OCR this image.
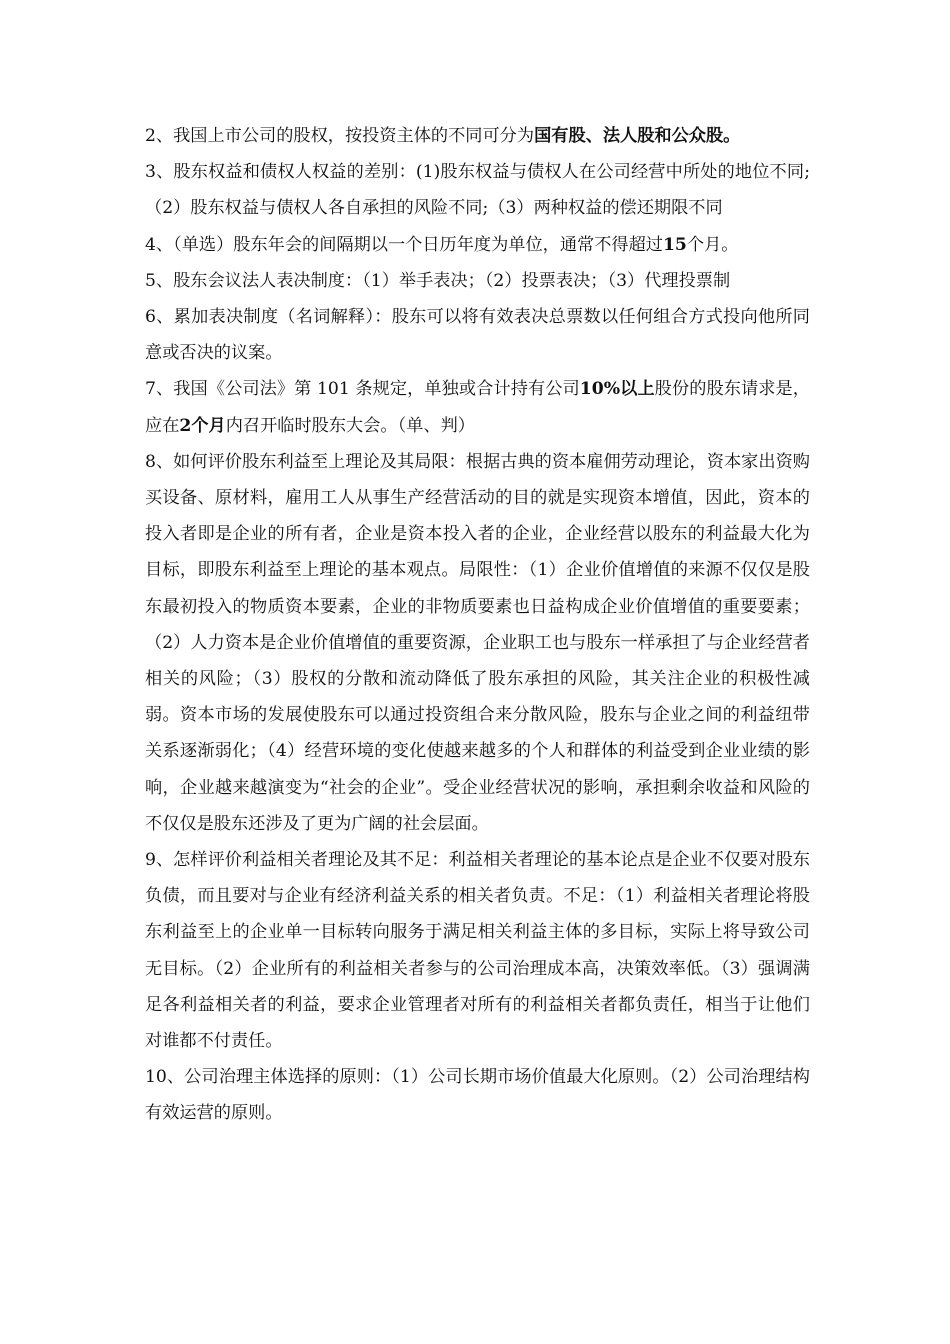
2、我国上市公司的股权，按投资主体的不同可分为国有股、法人股和公众股。

3、股东权益和债权人权益的差别：(1)股东权益与债权人在公司经营中所处的地位不同;（2）股东权益与债权人各自承担的风险不同;（3）两种权益的偿还期限不同

4、（单选）股东年会的间隔期以一个日历年度为单位，通常不得超过15个月。

5、股东会议法人表决制度：（1）举手表决；（2）投票表决；（3）代理投票制

6、累加表决制度（名词解释）：股东可以将有效表决总票数以任何组合方式投向他所同意或否决的议案。

7、我国《公司法》第 101 条规定，单独或合计持有公司10%以上股份的股东请求是，应在2个月内召开临时股东大会。（单、判）

8、如何评价股东利益至上理论及其局限：根据古典的资本雇佣劳动理论，资本家出资购买设备、原材料，雇用工人从事生产经营活动的目的就是实现资本增值，因此，资本的投入者即是企业的所有者，企业是资本投入者的企业，企业经营以股东的利益最大化为目标，即股东利益至上理论的基本观点。局限性：（1）企业价值增值的来源不仅仅是股东最初投入的物质资本要素，企业的非物质要素也日益构成企业价值增值的重要要素；（2）人力资本是企业价值增值的重要资源，企业职工也与股东一样承担了与企业经营者相关的风险；（3）股权的分散和流动降低了股东承担的风险，其关注企业的积极性减弱。资本市场的发展使股东可以通过投资组合来分散风险，股东与企业之间的利益纽带关系逐渐弱化；（4）经营环境的变化使越来越多的个人和群体的利益受到企业业绩的影响，企业越来越演变为“社会的企业”。受企业经营状况的影响，承担剩余收益和风险的不仅仅是股东还涉及了更为广阔的社会层面。

9、怎样评价利益相关者理论及其不足：利益相关者理论的基本论点是企业不仅要对股东负债，而且要对与企业有经济利益关系的相关者负责。不足：（1）利益相关者理论将股东利益至上的企业单一目标转向服务于满足相关利益主体的多目标，实际上将导致公司无目标。（2）企业所有的利益相关者参与的公司治理成本高，决策效率低。（3）强调满足各利益相关者的利益，要求企业管理者对所有的利益相关者都负责任，相当于让他们对谁都不付责任。

10、公司治理主体选择的原则：（1）公司长期市场价值最大化原则。（2）公司治理结构有效运营的原则。
